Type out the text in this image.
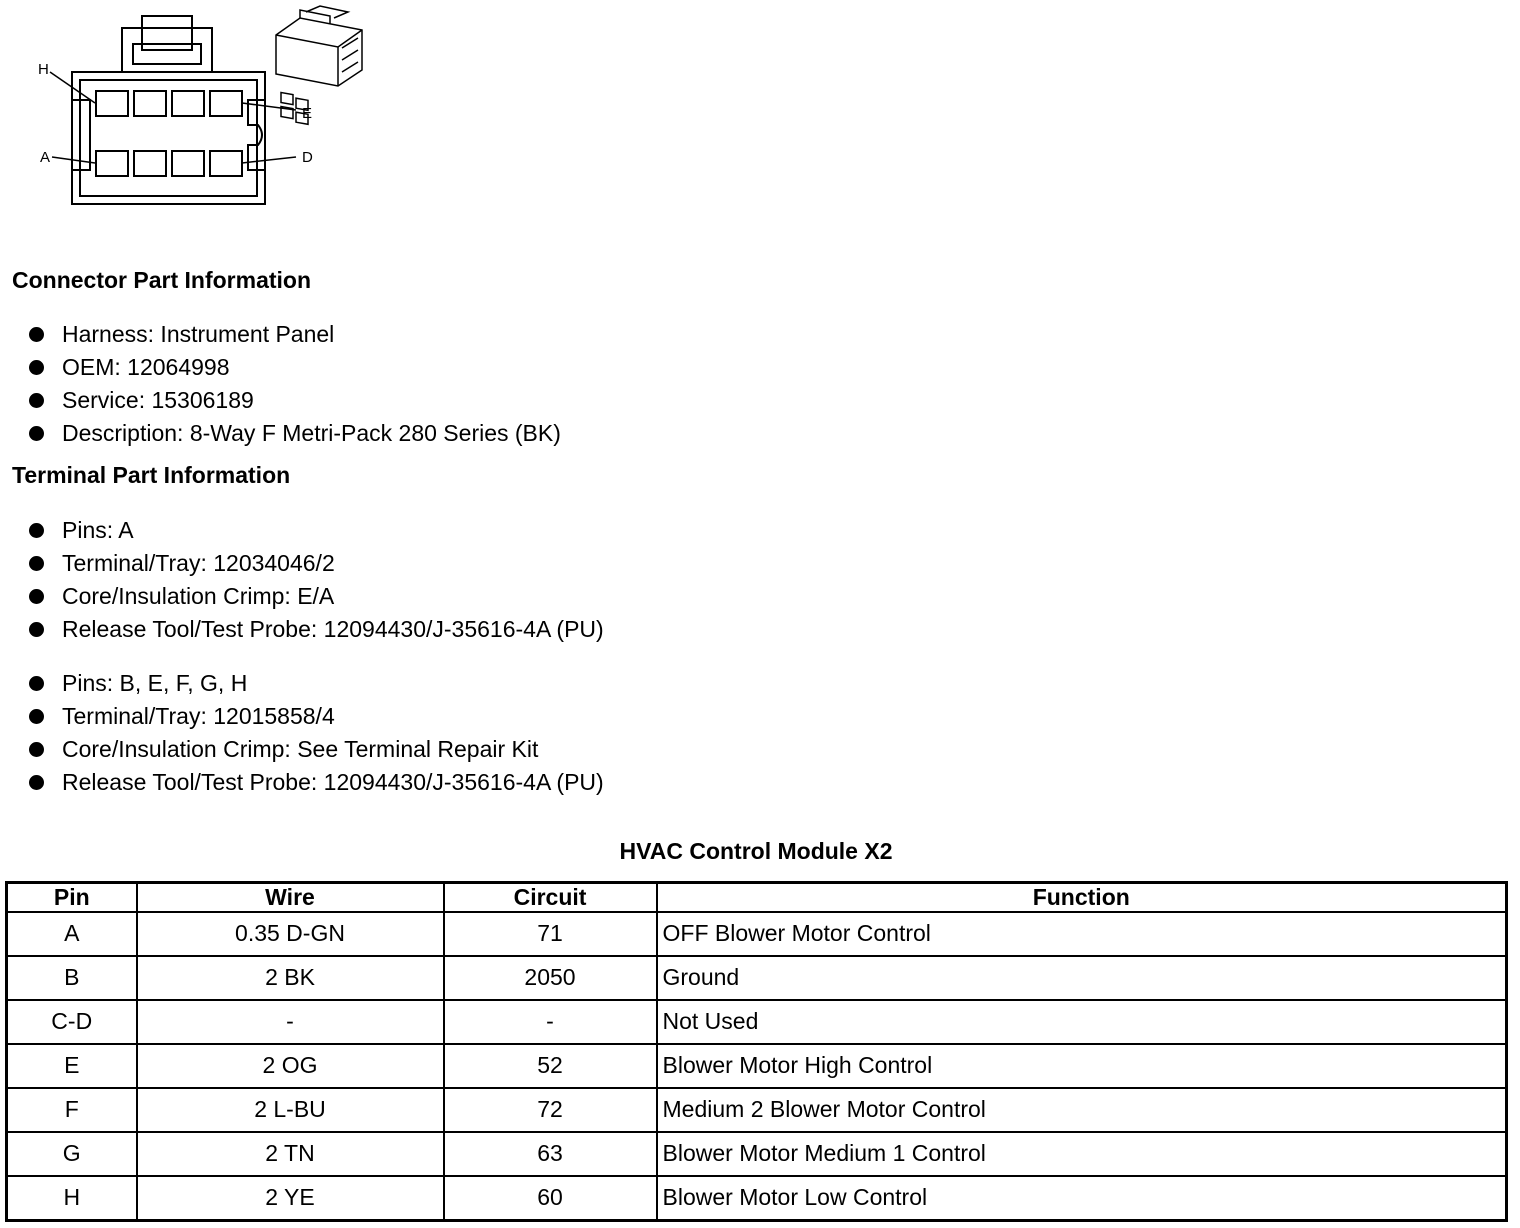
H
E
A	D
Connector Part Information
Harness: Instrument Panel
OEM: 12064998
Service: 15306189
Description: 8-Way F Metri-Pack 280 Series (BK)
Terminal Part Information
Pins: A
Terminal/Tray: 12034046/2
Core/Insulation Crimp: E/A
Release Tool/Test Probe: 12094430/J-35616-4A (PU)
Pins: B, E, F, G, H
Terminal/Tray: 12015858/4
Core/Insulation Crimp: See Terminal Repair Kit
Release Tool/Test Probe: 12094430/J-35616-4A (PU)
HVAC Control Module X2
Pin	Wire	Circuit	Function
A	0.35 D-GN	71	OFF Blower Motor Control
B	2 BK	2050	Ground
C-D	-	-	Not Used
E	2 OG	52	Blower Motor High Control
F	2 L-BU	72	Medium 2 Blower Motor Control
G	2 TN	63	Blower Motor Medium 1 Control
H	2 YE	60	Blower Motor Low Control
